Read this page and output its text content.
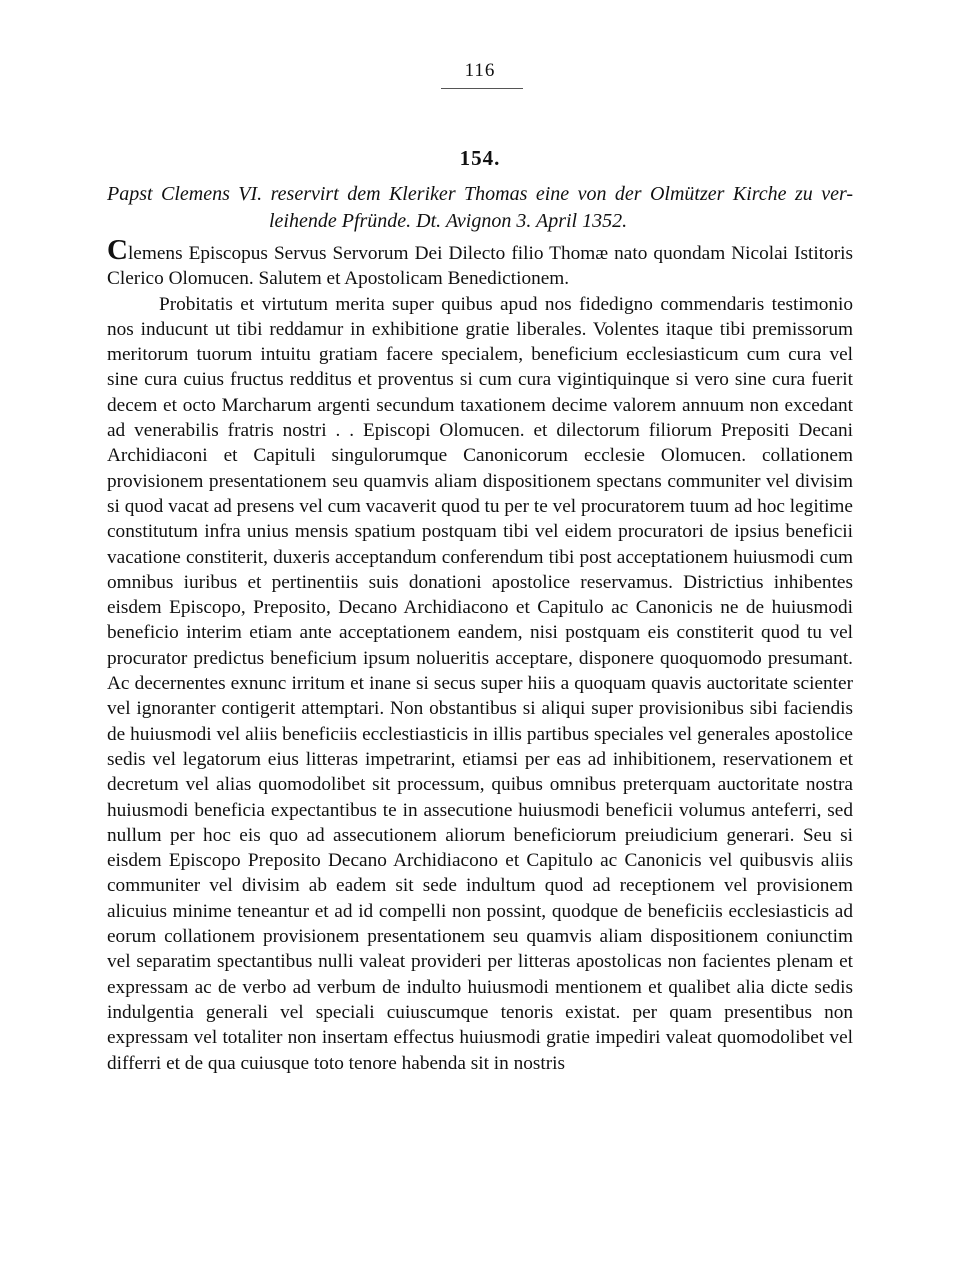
116
154.
Papst Clemens VI. reservirt dem Kleriker Thomas eine von der Olmützer Kirche zu ver-
leihende Pfründe. Dt. Avignon 3. April 1352.

Clemens Episcopus Servus Servorum Dei Dilecto filio Thomæ nato quondam Nicolai Istitoris Clerico Olomucen. Salutem et Apostolicam Benedictionem.

Probitatis et virtutum merita super quibus apud nos fidedigno commendaris testimonio nos inducunt ut tibi reddamur in exhibitione gratie liberales. Volentes itaque tibi premissorum meritorum tuorum intuitu gratiam facere specialem, beneficium ecclesiasticum cum cura vel sine cura cuius fructus redditus et proventus si cum cura vigintiquinque si vero sine cura fuerit decem et octo Marcharum argenti secundum taxationem decime valorem annuum non excedant ad venerabilis fratris nostri . . Episcopi Olomucen. et dilectorum filiorum Prepositi Decani Archidiaconi et Capituli singulorumque Canonicorum ecclesie Olomucen. collationem provisionem presentationem seu quamvis aliam dispositionem spectans communiter vel divisim si quod vacat ad presens vel cum vacaverit quod tu per te vel procuratorem tuum ad hoc legitime constitutum infra unius mensis spatium postquam tibi vel eidem procuratori de ipsius beneficii vacatione constiterit, duxeris acceptandum conferendum tibi post acceptationem huiusmodi cum omnibus iuribus et pertinentiis suis donationi apostolice reservamus. Districtius inhibentes eisdem Episcopo, Preposito, Decano Archidiacono et Capitulo ac Canonicis ne de huiusmodi beneficio interim etiam ante acceptationem eandem, nisi postquam eis constiterit quod tu vel procurator predictus beneficium ipsum nolueritis acceptare, disponere quoquomodo presumant. Ac decernentes exnunc irritum et inane si secus super hiis a quoquam quavis auctoritate scienter vel ignoranter contigerit attemptari. Non obstantibus si aliqui super provisionibus sibi faciendis de huiusmodi vel aliis beneficiis ecclestiasticis in illis partibus speciales vel generales apostolice sedis vel legatorum eius litteras impetrarint, etiamsi per eas ad inhibitionem, reservationem et decretum vel alias quomodolibet sit processum, quibus omnibus preterquam auctoritate nostra huiusmodi beneficia expectantibus te in assecutione huiusmodi beneficii volumus anteferri, sed nullum per hoc eis quo ad assecutionem aliorum beneficiorum preiudicium generari. Seu si eisdem Episcopo Preposito Decano Archidiacono et Capitulo ac Canonicis vel quibusvis aliis communiter vel divisim ab eadem sit sede indultum quod ad receptionem vel provisionem alicuius minime teneantur et ad id compelli non possint, quodque de beneficiis ecclesiasticis ad eorum collationem provisionem presentationem seu quamvis aliam dispositionem coniunctim vel separatim spectantibus nulli valeat provideri per litteras apostolicas non facientes plenam et expressam ac de verbo ad verbum de indulto huiusmodi mentionem et qualibet alia dicte sedis indulgentia generali vel speciali cuiuscumque tenoris existat. per quam presentibus non expressam vel totaliter non insertam effectus huiusmodi gratie impediri valeat quomodolibet vel differri et de qua cuiusque toto tenore habenda sit in nostris
